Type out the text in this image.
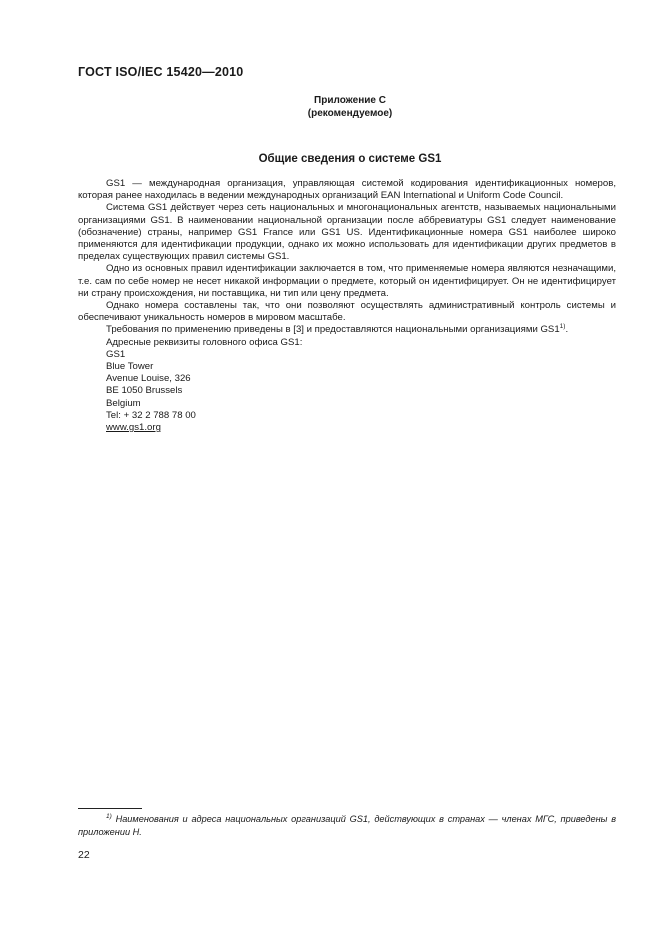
ГОСТ ISO/IEC 15420—2010
Приложение С
(рекомендуемое)
Общие сведения о системе GS1

GS1 — международная организация, управляющая системой кодирования идентификационных номеров, которая ранее находилась в ведении международных организаций EAN International и Uniform Code Council.

Система GS1 действует через сеть национальных и многонациональных агентств, называемых национальными организациями GS1. В наименовании национальной организации после аббревиатуры GS1 следует наименование (обозначение) страны, например GS1 France или GS1 US. Идентификационные номера GS1 наиболее широко применяются для идентификации продукции, однако их можно использовать для идентификации других предметов в пределах существующих правил системы GS1.

Одно из основных правил идентификации заключается в том, что применяемые номера являются незначащими, т.е. сам по себе номер не несет никакой информации о предмете, который он идентифицирует. Он не идентифицирует ни страну происхождения, ни поставщика, ни тип или цену предмета.

Однако номера составлены так, что они позволяют осуществлять административный контроль системы и обеспечивают уникальность номеров в мировом масштабе.

Требования по применению приведены в [3] и предоставляются национальными организациями GS1$^{1)}$.

Адресные реквизиты головного офиса GS1:

GS1
Blue Tower
Avenue Louise, 326
BE 1050 Brussels
Belgium
Tel: + 32 2 788 78 00
www.gs1.org
$^{1)}$ Наименования и адреса национальных организаций GS1, действующих в странах — членах МГС, приведены в приложении Н.
22
